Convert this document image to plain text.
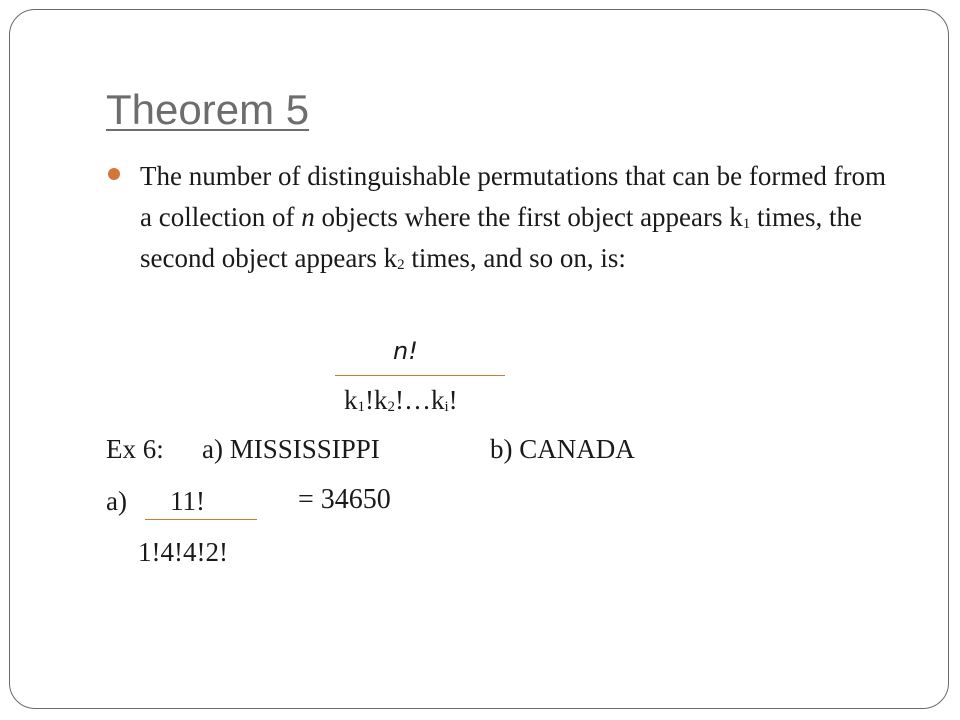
Theorem 5
The number of distinguishable permutations that can be formed from a collection of n objects where the first object appears $k_1$ times, the second object appears $k_2$ times, and so on, is:
n!
$k_1!k_2!\dots k_i$!
Ex 6: a) MISSISSIPPI	b) CANADA
a) 11!	= 34650
1!4!4!2!
